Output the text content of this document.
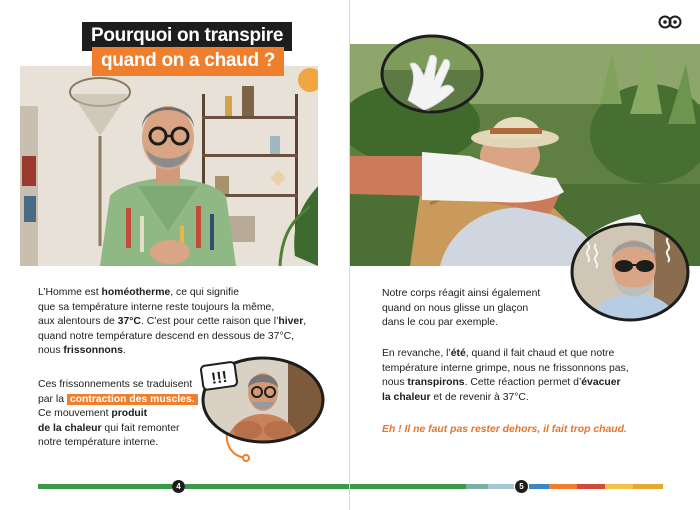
Pourquoi on transpire
quand on a chaud ?
L’Homme est homéotherme, ce qui signifie
que sa température interne reste toujours la même,
aux alentours de 37°C. C’est pour cette raison que l’hiver,
quand notre température descend en dessous de 37°C,
nous frissonnons.
Ces frissonnements se traduisent
par la contraction des muscles.
Ce mouvement produit
de la chaleur qui fait remonter
notre température interne.
!!!
4
Notre corps réagit ainsi également
quand on nous glisse un glaçon
dans le cou par exemple.
En revanche, l’été, quand il fait chaud et que notre
température interne grimpe, nous ne frissonnons pas,
nous transpirons. Cette réaction permet d’évacuer
la chaleur et de revenir à 37°C.
Eh ! Il ne faut pas rester dehors, il fait trop chaud.
5
